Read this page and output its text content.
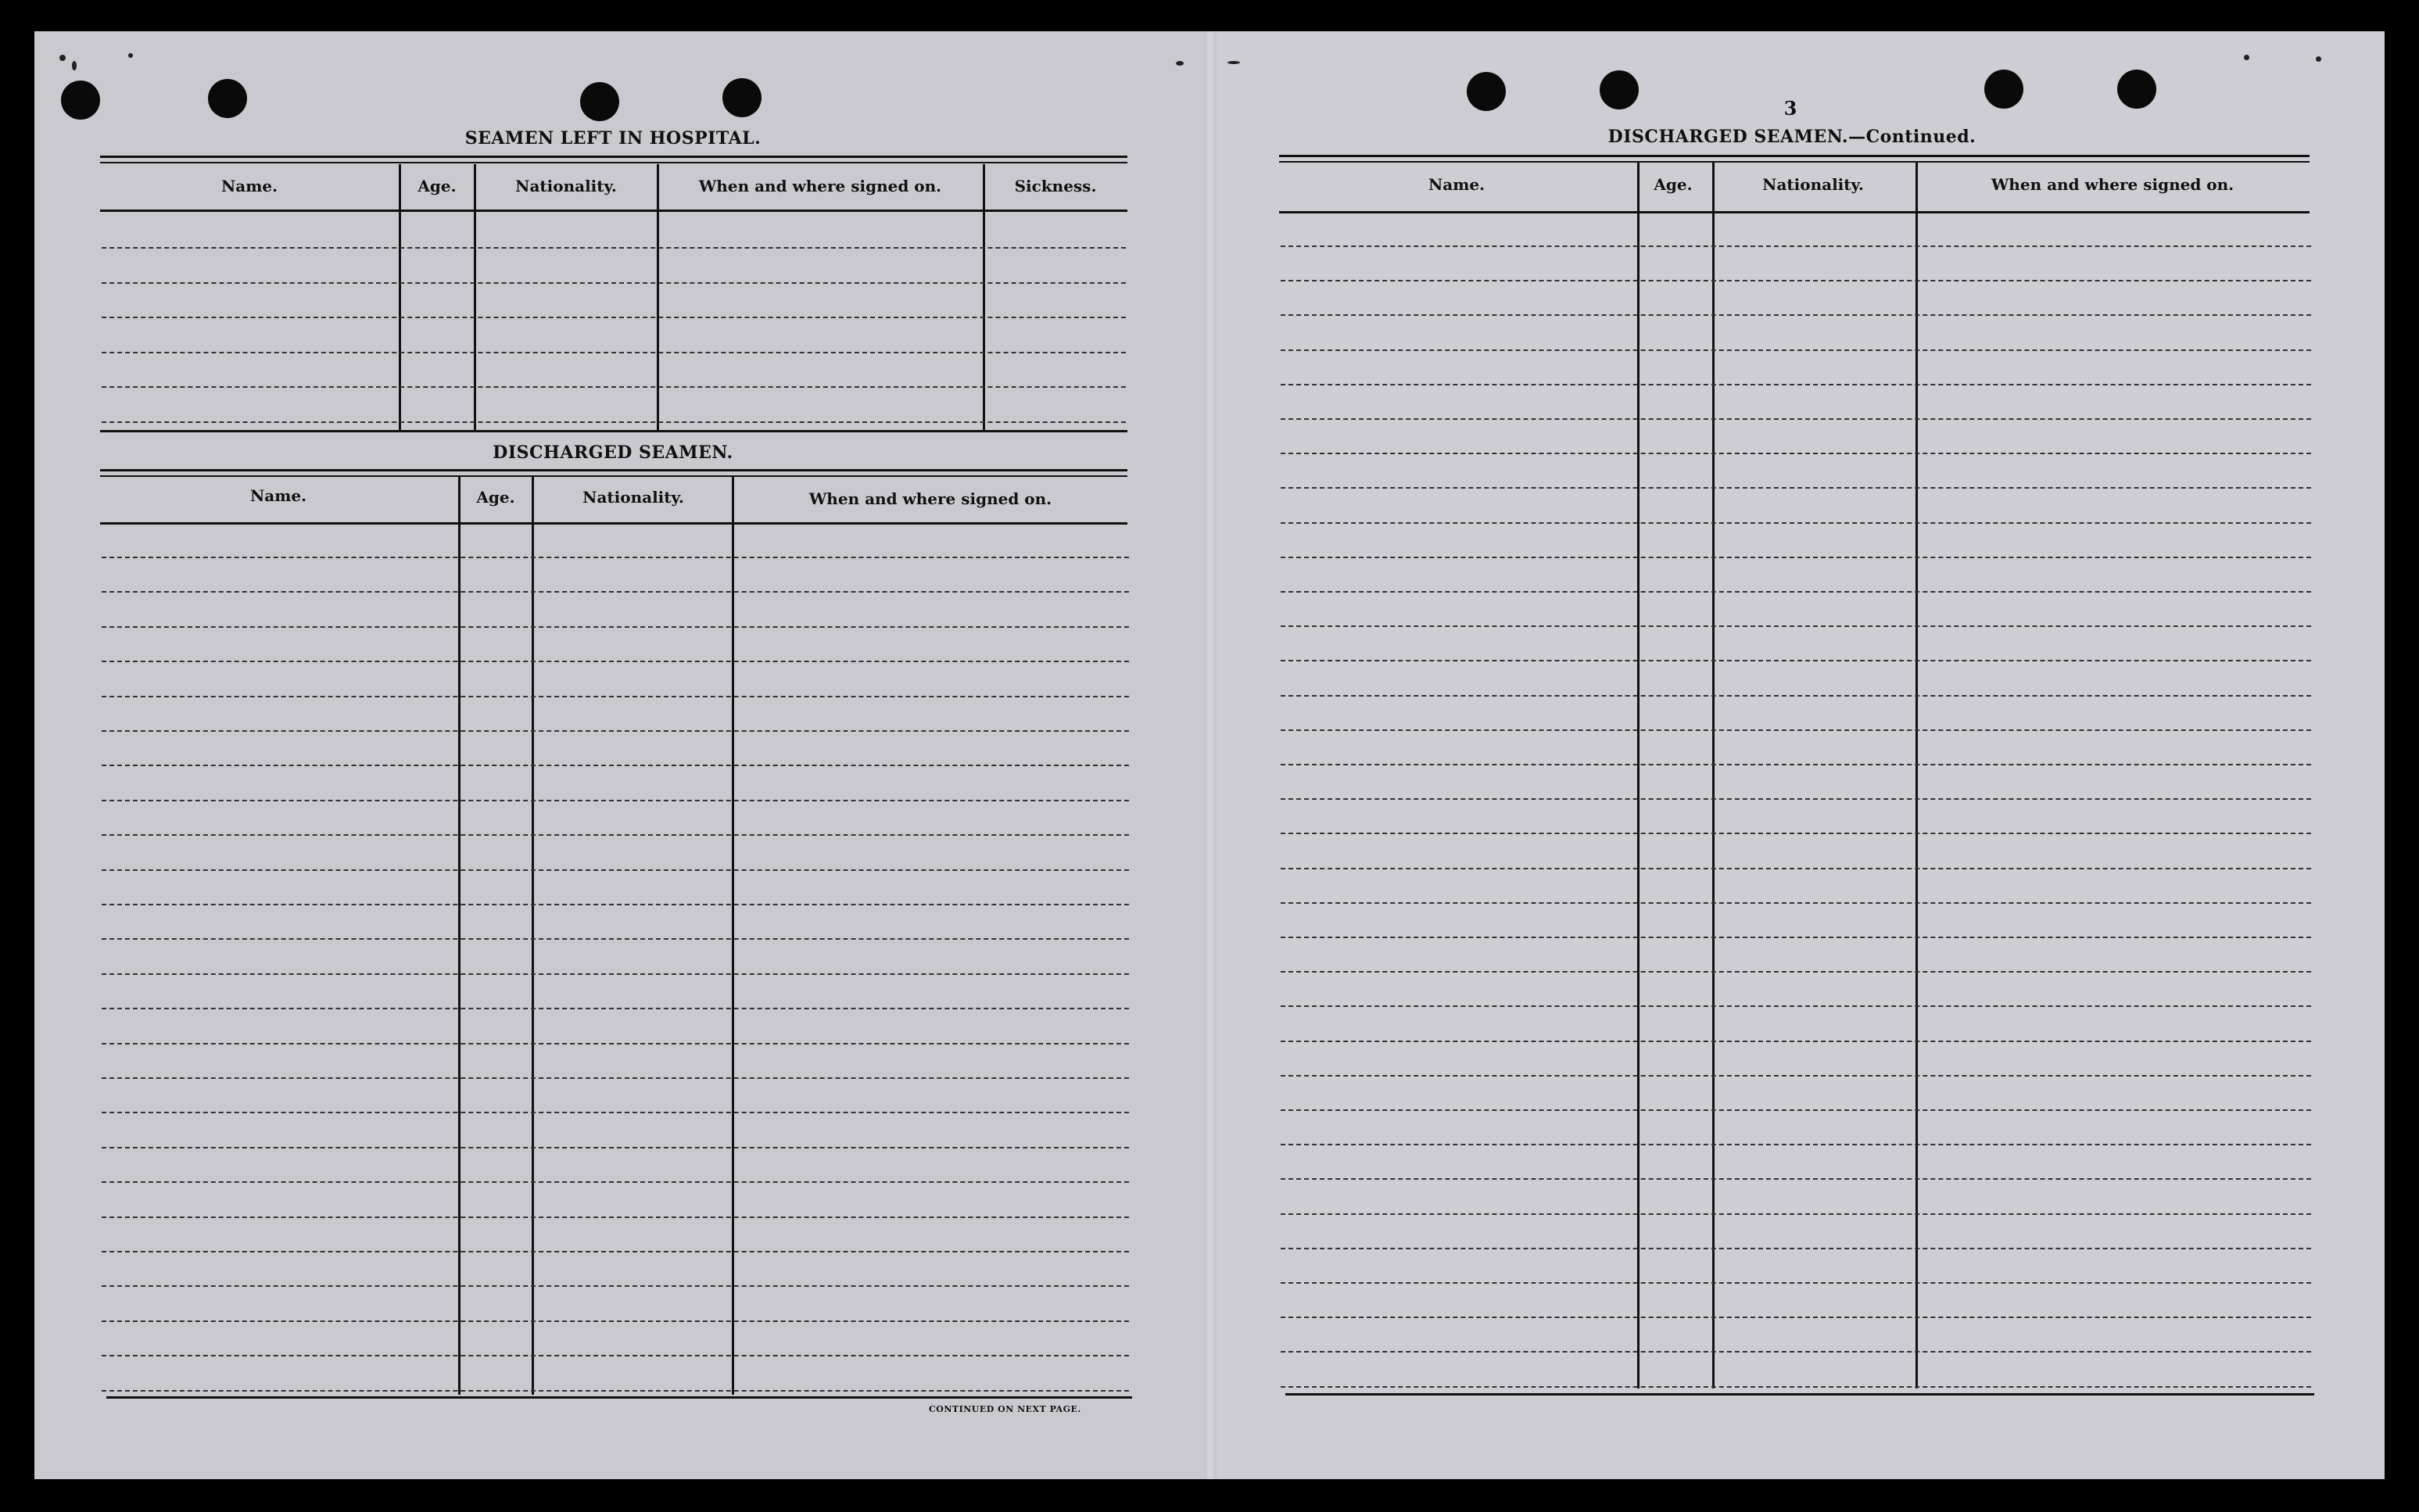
SEAMEN LEFT IN HOSPITAL.
Name.	Age.	Nationality.	When and where signed on.	Sickness.
DISCHARGED SEAMEN.
Name.	Age.	Nationality.	When and where signed on.
CONTINUED ON NEXT PAGE.
3
DISCHARGED SEAMEN.—Continued.
Name.	Age.	Nationality.	When and where signed on.
